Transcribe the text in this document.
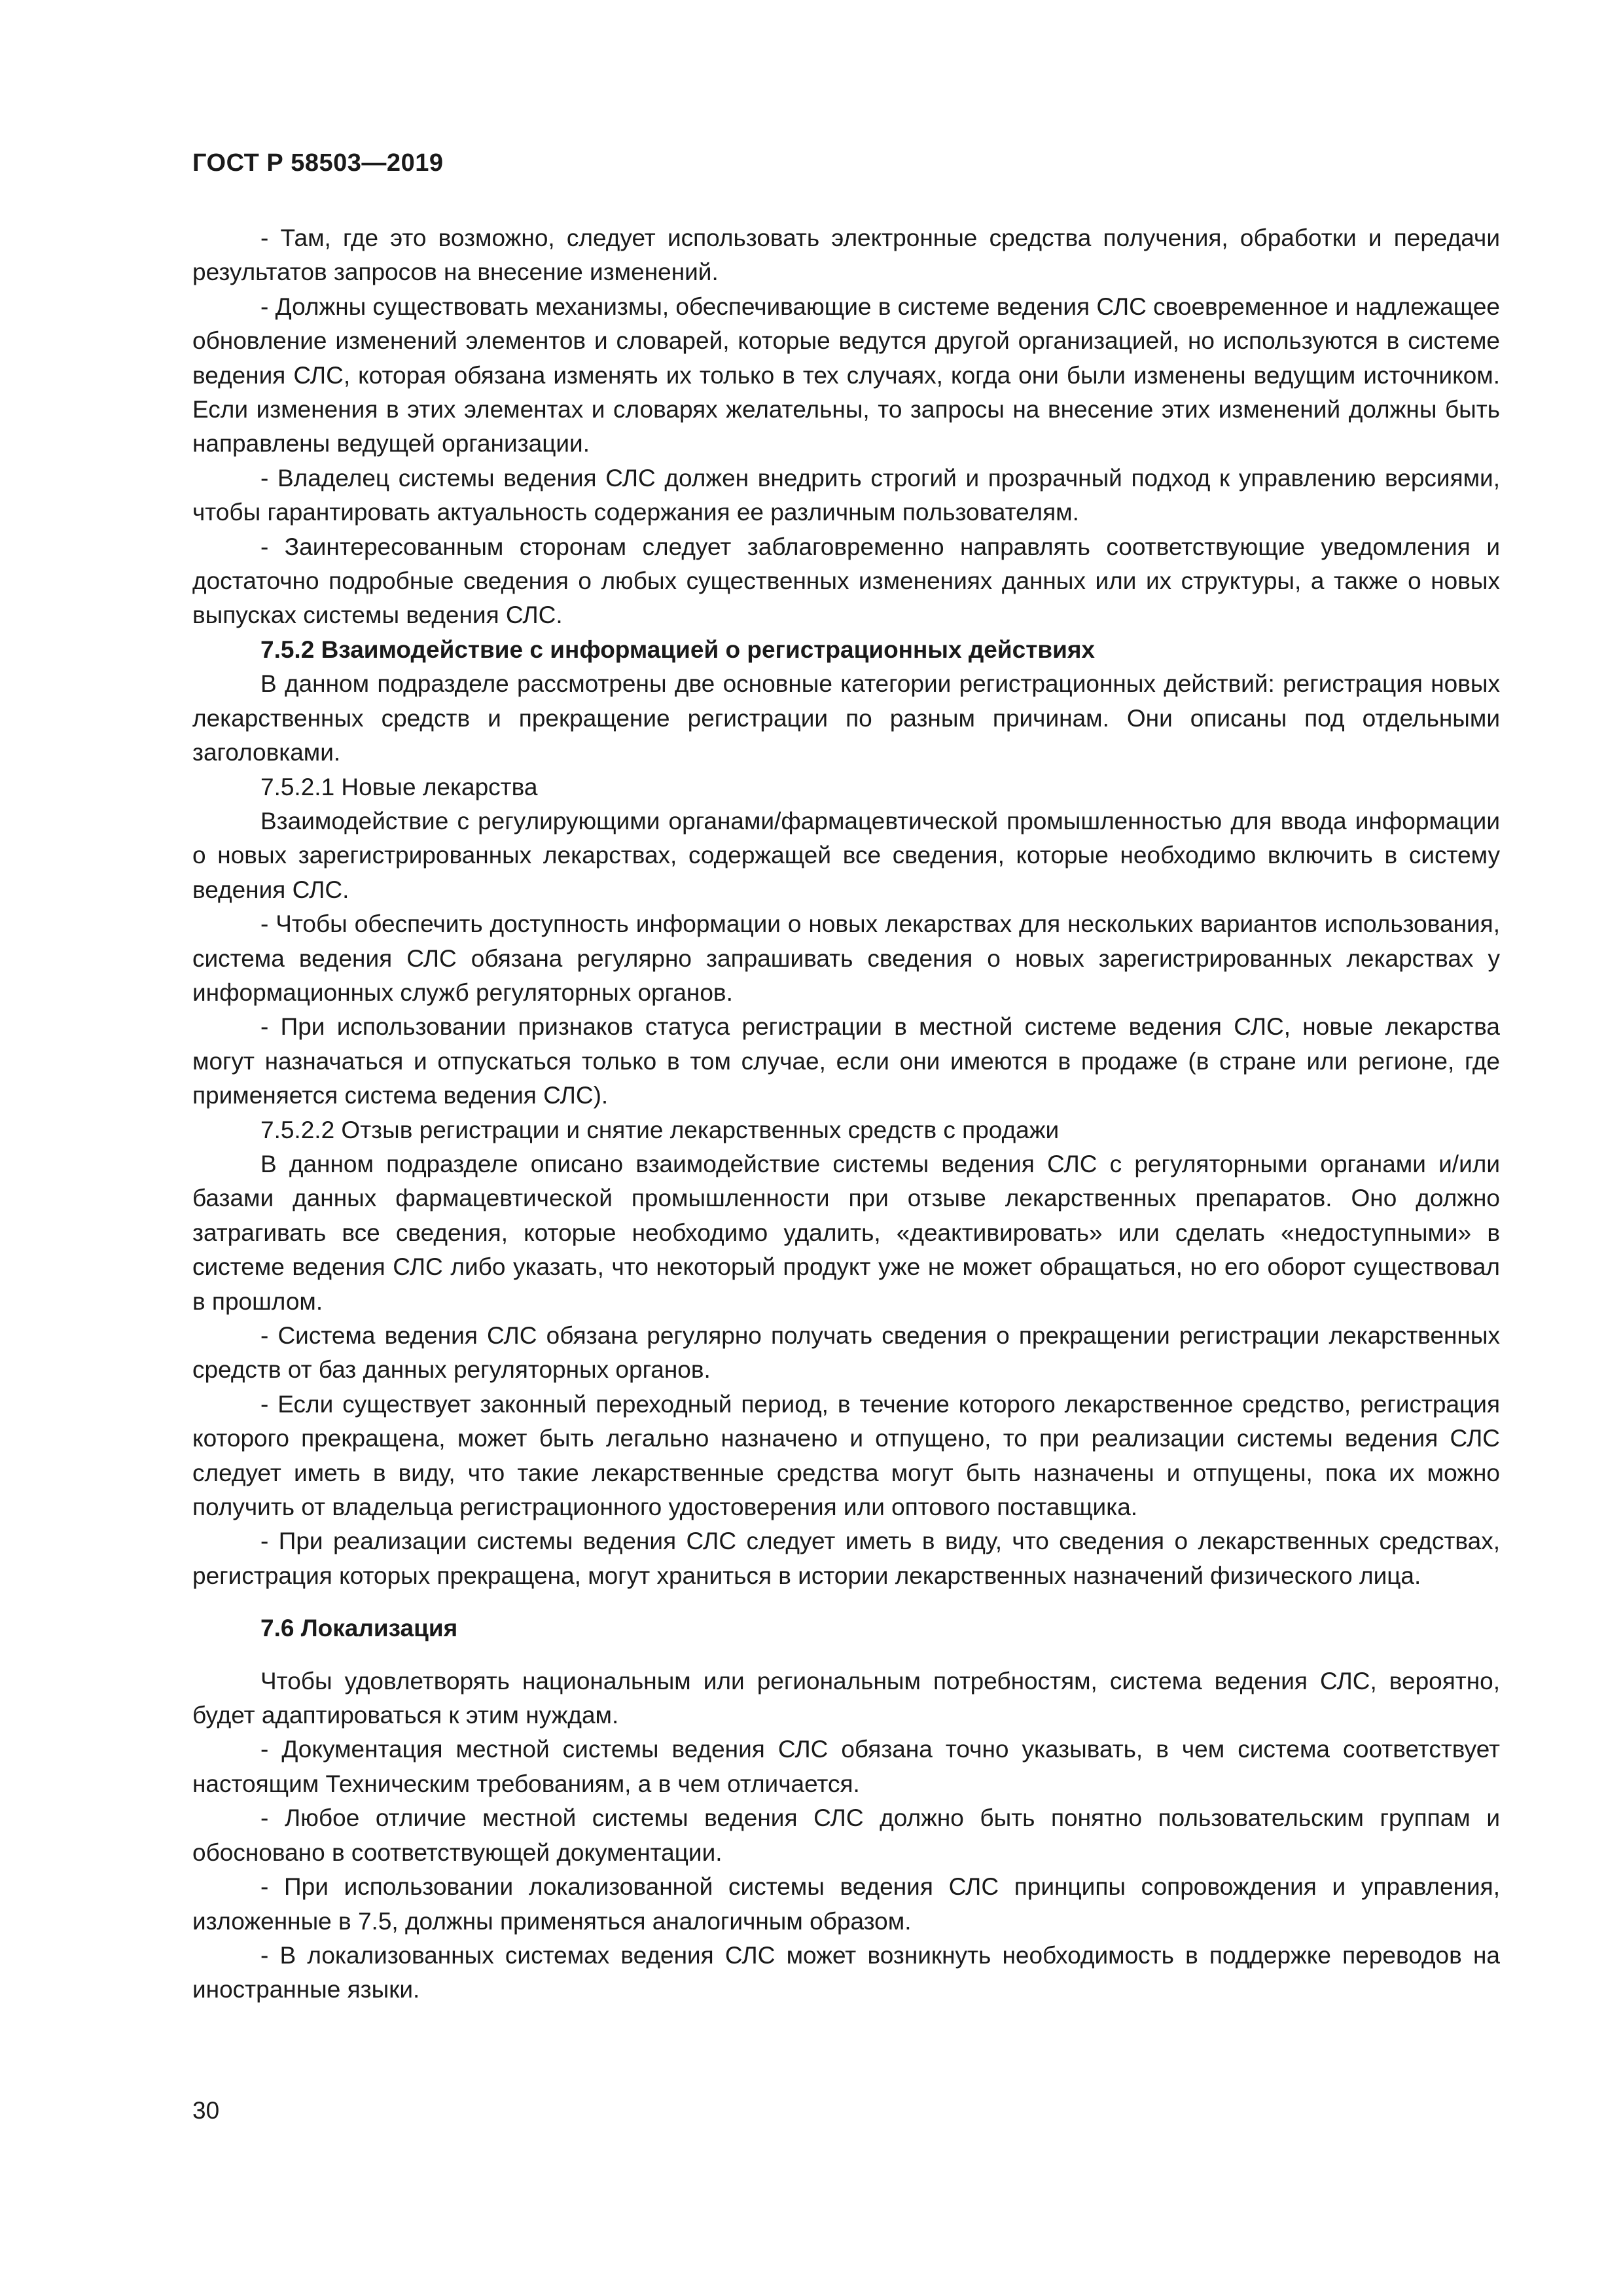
ГОСТ Р 58503—2019

- Там, где это возможно, следует использовать электронные средства получения, обработки и передачи результатов запросов на внесение изменений.

- Должны существовать механизмы, обеспечивающие в системе ведения СЛС своевременное и надлежащее обновление изменений элементов и словарей, которые ведутся другой организацией, но используются в системе ведения СЛС, которая обязана изменять их только в тех случаях, когда они были изменены ведущим источником. Если изменения в этих элементах и словарях желательны, то запросы на внесение этих изменений должны быть направлены ведущей организации.

- Владелец системы ведения СЛС должен внедрить строгий и прозрачный подход к управлению версиями, чтобы гарантировать актуальность содержания ее различным пользователям.

- Заинтересованным сторонам следует заблаговременно направлять соответствующие уведомления и достаточно подробные сведения о любых существенных изменениях данных или их структуры, а также о новых выпусках системы ведения СЛС.

7.5.2 Взаимодействие с информацией о регистрационных действиях

В данном подразделе рассмотрены две основные категории регистрационных действий: регистрация новых лекарственных средств и прекращение регистрации по разным причинам. Они описаны под отдельными заголовками.

7.5.2.1 Новые лекарства

Взаимодействие с регулирующими органами/фармацевтической промышленностью для ввода информации о новых зарегистрированных лекарствах, содержащей все сведения, которые необходимо включить в систему ведения СЛС.

- Чтобы обеспечить доступность информации о новых лекарствах для нескольких вариантов использования, система ведения СЛС обязана регулярно запрашивать сведения о новых зарегистрированных лекарствах у информационных служб регуляторных органов.

- При использовании признаков статуса регистрации в местной системе ведения СЛС, новые лекарства могут назначаться и отпускаться только в том случае, если они имеются в продаже (в стране или регионе, где применяется система ведения СЛС).

7.5.2.2 Отзыв регистрации и снятие лекарственных средств с продажи

В данном подразделе описано взаимодействие системы ведения СЛС с регуляторными органами и/или базами данных фармацевтической промышленности при отзыве лекарственных препаратов. Оно должно затрагивать все сведения, которые необходимо удалить, «деактивировать» или сделать «недоступными» в системе ведения СЛС либо указать, что некоторый продукт уже не может обращаться, но его оборот существовал в прошлом.

- Система ведения СЛС обязана регулярно получать сведения о прекращении регистрации лекарственных средств от баз данных регуляторных органов.

- Если существует законный переходный период, в течение которого лекарственное средство, регистрация которого прекращена, может быть легально назначено и отпущено, то при реализации системы ведения СЛС следует иметь в виду, что такие лекарственные средства могут быть назначены и отпущены, пока их можно получить от владельца регистрационного удостоверения или оптового поставщика.

- При реализации системы ведения СЛС следует иметь в виду, что сведения о лекарственных средствах, регистрация которых прекращена, могут храниться в истории лекарственных назначений физического лица.

7.6 Локализация

Чтобы удовлетворять национальным или региональным потребностям, система ведения СЛС, вероятно, будет адаптироваться к этим нуждам.

- Документация местной системы ведения СЛС обязана точно указывать, в чем система соответствует настоящим Техническим требованиям, а в чем отличается.

- Любое отличие местной системы ведения СЛС должно быть понятно пользовательским группам и обосновано в соответствующей документации.

- При использовании локализованной системы ведения СЛС принципы сопровождения и управления, изложенные в 7.5, должны применяться аналогичным образом.

- В локализованных системах ведения СЛС может возникнуть необходимость в поддержке переводов на иностранные языки.

30
